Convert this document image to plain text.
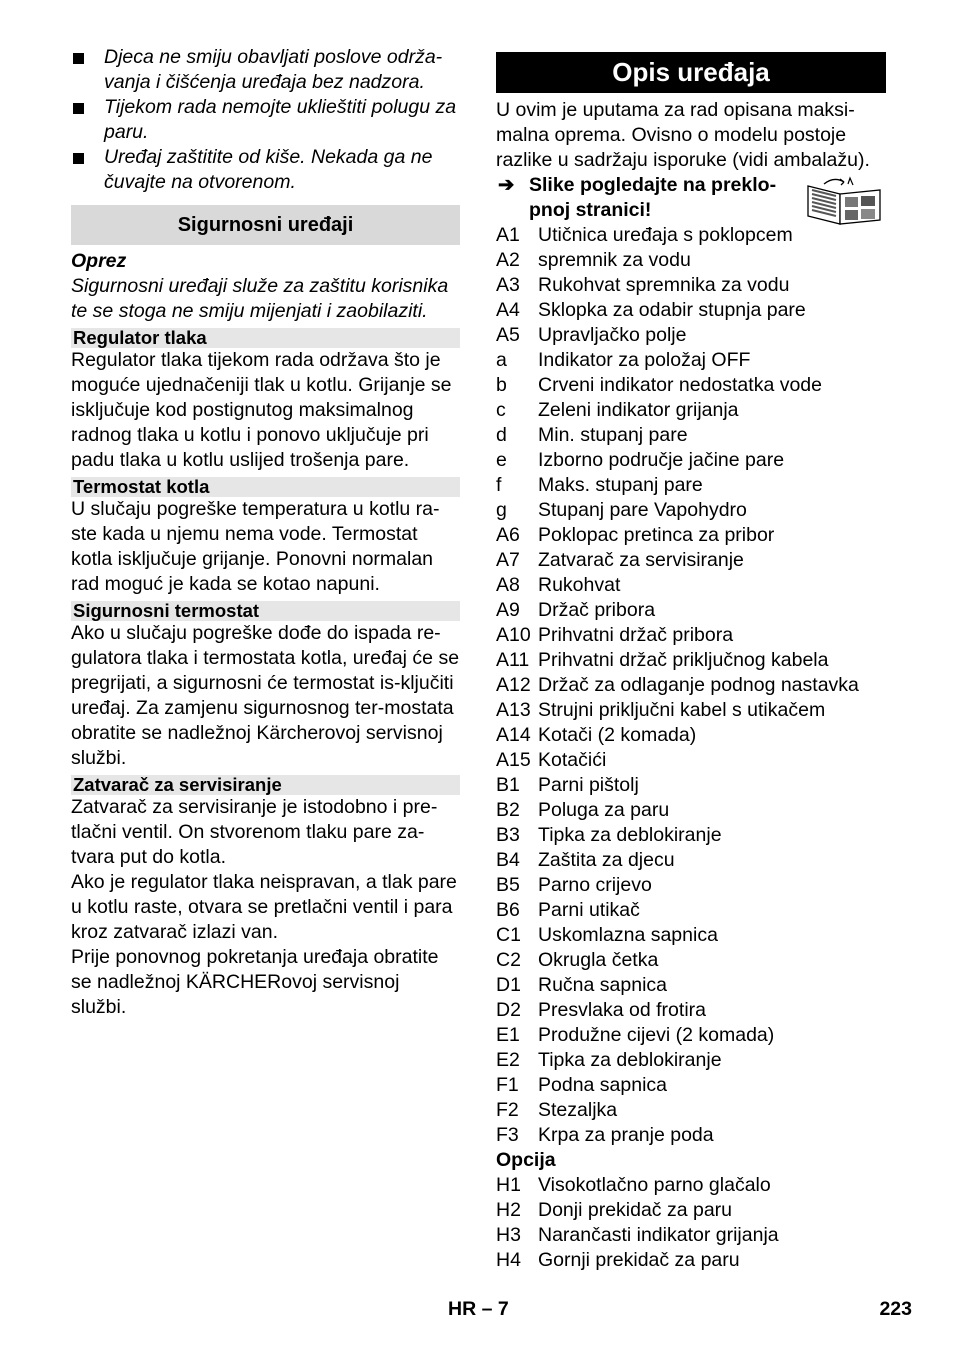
Djeca ne smiju obavljati poslove održa-vanja i čišćenja uređaja bez nadzora.
Tijekom rada nemojte uklieštiti polugu za paru.
Uređaj zaštitite od kiše. Nekada ga ne čuvajte na otvorenom.
Sigurnosni uređaji
Oprez

Sigurnosni uređaji služe za zaštitu korisnika te se stoga ne smiju mijenjati i zaobilaziti.

Regulator tlaka

Regulator tlaka tijekom rada održava što je moguće ujednačeniji tlak u kotlu. Grijanje se isključuje kod postignutog maksimalnog radnog tlaka u kotlu i ponovo uključuje pri padu tlaka u kotlu uslijed trošenja pare.

Termostat kotla

U slučaju pogreške temperatura u kotlu ra-ste kada u njemu nema vode. Termostat kotla isključuje grijanje. Ponovni normalan rad moguć je kada se kotao napuni.

Sigurnosni termostat

Ako u slučaju pogreške dođe do ispada re-gulatora tlaka i termostata kotla, uređaj će se pregrijati, a sigurnosni će termostat is-ključiti uređaj. Za zamjenu sigurnosnog ter-mostata obratite se nadležnoj Kärcherovoj servisnoj službi.

Zatvarač za servisiranje

Zatvarač za servisiranje je istodobno i pre-tlačni ventil. On stvorenom tlaku pare za-tvara put do kotla.

Ako je regulator tlaka neispravan, a tlak pare u kotlu raste, otvara se pretlačni ventil i para kroz zatvarač izlazi van.

Prije ponovnog pokretanja uređaja obratite se nadležnoj KÄRCHERovoj servisnoj službi.

Opis uređaja

U ovim je uputama za rad opisana maksi-malna oprema. Ovisno o modelu postoje razlike u sadržaju isporuke (vidi ambalažu).

➔ Slike pogledajte na preklo-pnoj stranici!
A1 Utičnica uređaja s poklopcem
A2 spremnik za vodu
A3 Rukohvat spremnika za vodu
A4 Sklopka za odabir stupnja pare
A5 Upravljačko polje
a	Indikator za položaj OFF
b	Crveni indikator nedostatka vode
c	Zeleni indikator grijanja
d	Min. stupanj pare
e	Izborno područje jačine pare
f	Maks. stupanj pare
g	Stupanj pare Vapohydro
A6 Poklopac pretinca za pribor
A7 Zatvarač za servisiranje
A8 Rukohvat
A9 Držač pribora
A10 Prihvatni držač pribora
A11 Prihvatni držač priključnog kabela
A12 Držač za odlaganje podnog nastavka
A13 Strujni priključni kabel s utikačem
A14 Kotači (2 komada)
A15 Kotačići
B1 Parni pištolj
B2 Poluga za paru
B3 Tipka za deblokiranje
B4 Zaštita za djecu
B5 Parno crijevo
B6 Parni utikač
C1 Uskomlazna sapnica
C2 Okrugla četka
D1 Ručna sapnica
D2 Presvlaka od frotira
E1 Produžne cijevi (2 komada)
E2 Tipka za deblokiranje
F1 Podna sapnica
F2 Stezaljka
F3 Krpa za pranje poda
Opcija
H1 Visokotlačno parno glačalo
H2 Donji prekidač za paru
H3 Narančasti indikator grijanja
H4 Gornji prekidač za paru
HR – 7	223
